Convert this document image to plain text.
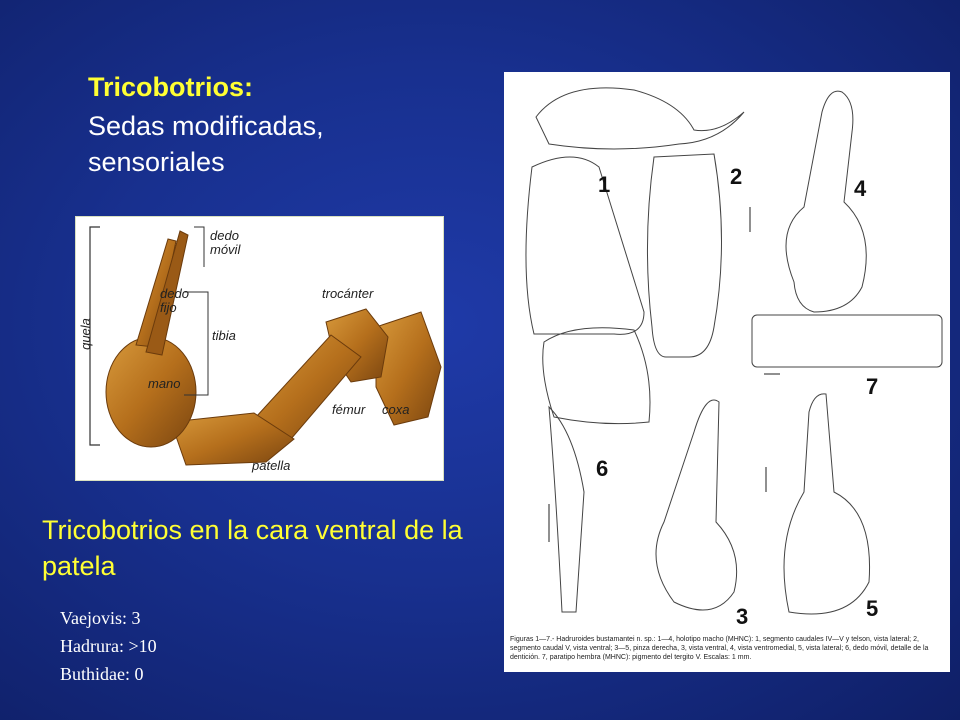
Tricobotrios:
Sedas modificadas, sensoriales
quela
dedo
móvil
dedo
fijo
tibia
mano
trocánter
fémur coxa
patella
Tricobotrios en la cara ventral de la patela
Vaejovis: 3
Hadrura: >10
Buthidae: 0
1	2
3
4
5
6
7
Figuras 1—7.- Hadruroides bustamantei n. sp.: 1—4, holotipo macho (MHNC): 1, segmento caudales IV—V y telson, vista lateral; 2, segmento caudal V, vista ventral; 3—5, pinza derecha, 3, vista ventral, 4, vista ventromedial, 5, vista lateral; 6, dedo móvil, detalle de la dentición. 7, paratipo hembra (MHNC): pigmento del tergito V. Escalas: 1 mm.
